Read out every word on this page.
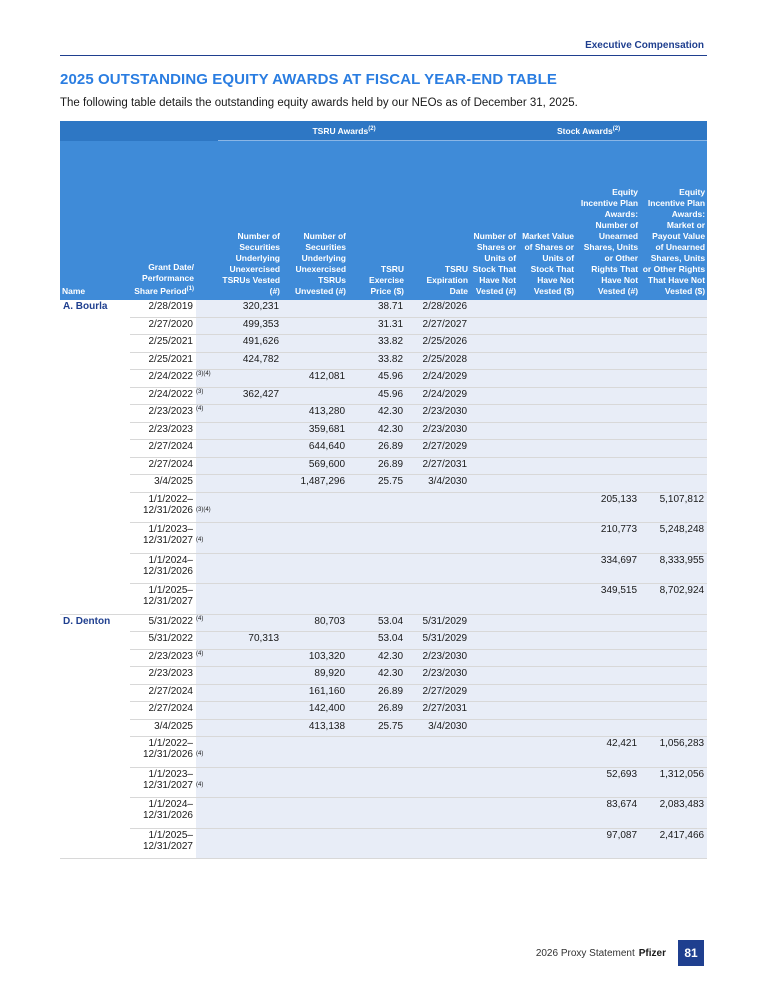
Executive Compensation
2025 OUTSTANDING EQUITY AWARDS AT FISCAL YEAR-END TABLE
The following table details the outstanding equity awards held by our NEOs as of December 31, 2025.
			TSRU Awards$^{(2)}$				Stock Awards$^{(2)}$
Name	Grant Date/ Performance Share Period$^{(1)}$		Number of Securities Underlying Unexercised TSRUs Vested (#)	Number of Securities Underlying Unexercised TSRUs Unvested (#)	TSRU Exercise Price ($)	TSRU Expiration Date	Number of Shares or Units of Stock That Have Not Vested (#)	Market Value of Shares or Units of Stock That Have Not Vested ($)	Equity Incentive Plan Awards: Number of Unearned Shares, Units or Other Rights That Have Not Vested (#)	Equity Incentive Plan Awards: Market or Payout Value of Unearned Shares, Units or Other Rights That Have Not Vested ($)
A. Bourla	2/28/2019		320,231		38.71	2/28/2026				
	2/27/2020		499,353		31.31	2/27/2027				
	2/25/2021		491,626		33.82	2/25/2026				
	2/25/2021		424,782		33.82	2/25/2028				
	2/24/2022	(3)(4)		412,081	45.96	2/24/2029				
	2/24/2022	(3)	362,427		45.96	2/24/2029				
	2/23/2023	(4)		413,280	42.30	2/23/2030				
	2/23/2023			359,681	42.30	2/23/2030				
	2/27/2024			644,640	26.89	2/27/2029				
	2/27/2024			569,600	26.89	2/27/2031				
	3/4/2025			1,487,296	25.75	3/4/2030				
	1/1/2022– 12/31/2026	(3)(4)							205,133	5,107,812
	1/1/2023– 12/31/2027	(4)							210,773	5,248,248
	1/1/2024– 12/31/2026								334,697	8,333,955
	1/1/2025– 12/31/2027								349,515	8,702,924
D. Denton	5/31/2022	(4)		80,703	53.04	5/31/2029				
	5/31/2022		70,313		53.04	5/31/2029				
	2/23/2023	(4)		103,320	42.30	2/23/2030				
	2/23/2023			89,920	42.30	2/23/2030				
	2/27/2024			161,160	26.89	2/27/2029				
	2/27/2024			142,400	26.89	2/27/2031				
	3/4/2025			413,138	25.75	3/4/2030				
	1/1/2022– 12/31/2026	(4)							42,421	1,056,283
	1/1/2023– 12/31/2027	(4)							52,693	1,312,056
	1/1/2024– 12/31/2026								83,674	2,083,483
	1/1/2025– 12/31/2027								97,087	2,417,466
2026 Proxy Statement Pfizer	81
